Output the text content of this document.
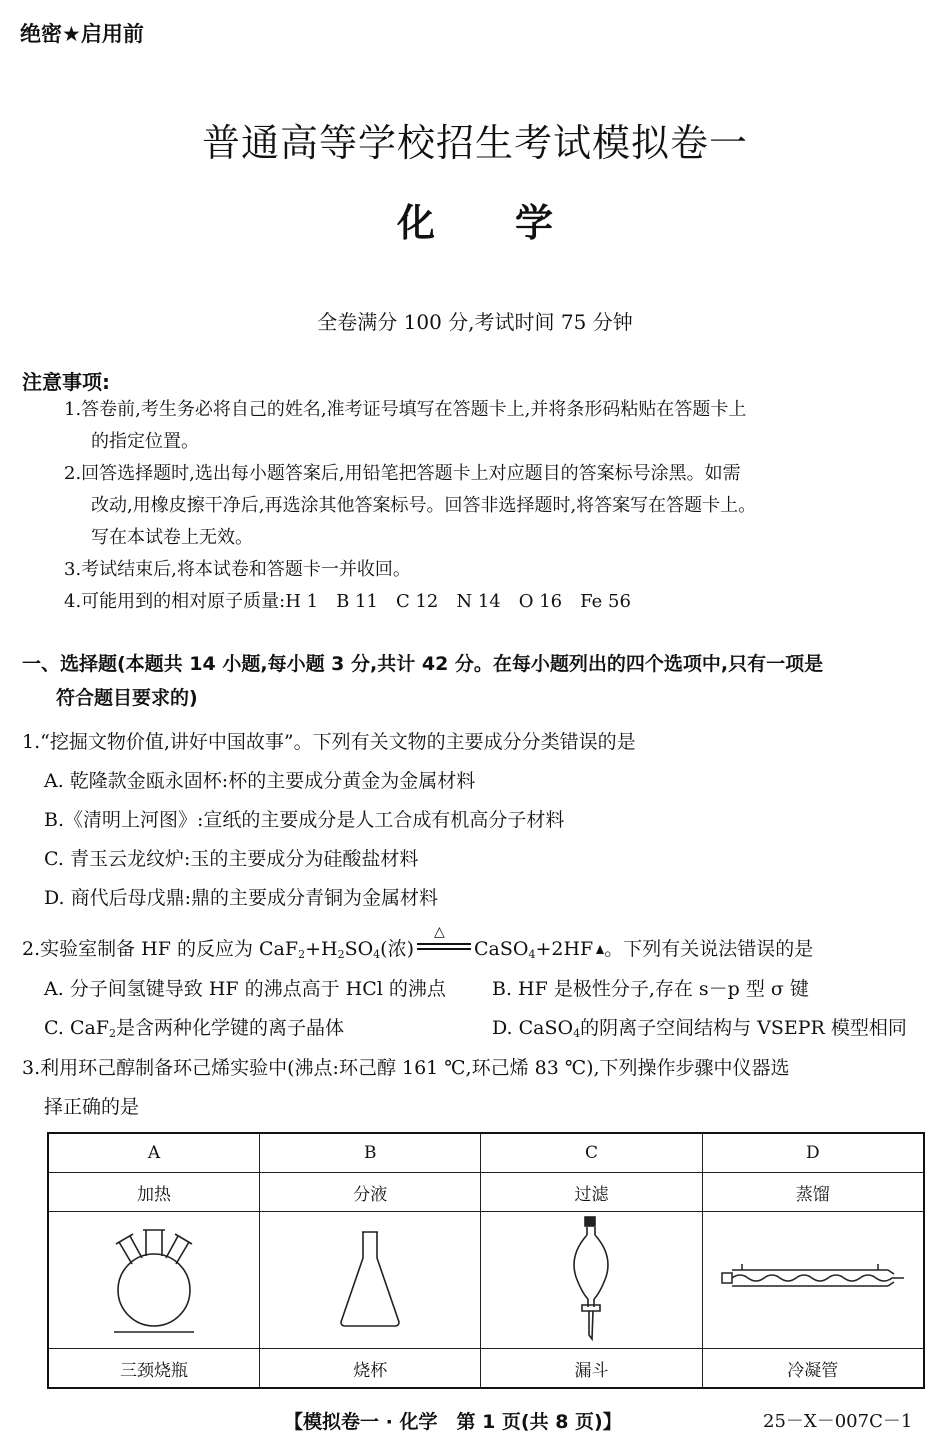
绝密★启用前
普通高等学校招生考试模拟卷一
化学
全卷满分 100 分,考试时间 75 分钟
注意事项:
1.答卷前,考生务必将自己的姓名,准考证号填写在答题卡上,并将条形码粘贴在答题卡上
的指定位置。
2.回答选择题时,选出每小题答案后,用铅笔把答题卡上对应题目的答案标号涂黑。如需
改动,用橡皮擦干净后,再选涂其他答案标号。回答非选择题时,将答案写在答题卡上。
写在本试卷上无效。
3.考试结束后,将本试卷和答题卡一并收回。
4.可能用到的相对原子质量:H 1　B 11　C 12　N 14　O 16　Fe 56
一、选择题(本题共 14 小题,每小题 3 分,共计 42 分。在每小题列出的四个选项中,只有一项是
符合题目要求的)
1.“挖掘文物价值,讲好中国故事”。下列有关文物的主要成分分类错误的是
A. 乾隆款金瓯永固杯:杯的主要成分黄金为金属材料
B.《清明上河图》:宣纸的主要成分是人工合成有机高分子材料
C. 青玉云龙纹炉:玉的主要成分为硅酸盐材料
D. 商代后母戊鼎:鼎的主要成分青铜为金属材料
2.实验室制备 HF 的反应为 $CaF_2+H_2SO_4$(浓)
△
CaSO$_4$+2HF 。下列有关说法错误的是
A. 分子间氢键导致 HF 的沸点高于 HCl 的沸点 B. HF 是极性分子,存在 s－p 型 σ 键
C. CaF$_2$是含两种化学键的离子晶体	D. CaSO$_4$的阴离子空间结构与 VSEPR 模型相同
3.利用环己醇制备环己烯实验中(沸点:环己醇 161 ℃,环己烯 83 ℃),下列操作步骤中仪器选
择正确的是
A	B	C	D
加热	分液	过滤	蒸馏

三颈烧瓶	烧杯	漏斗	冷凝管
【模拟卷一 · 化学　第 1 页(共 8 页)】	25－X－007C－1
